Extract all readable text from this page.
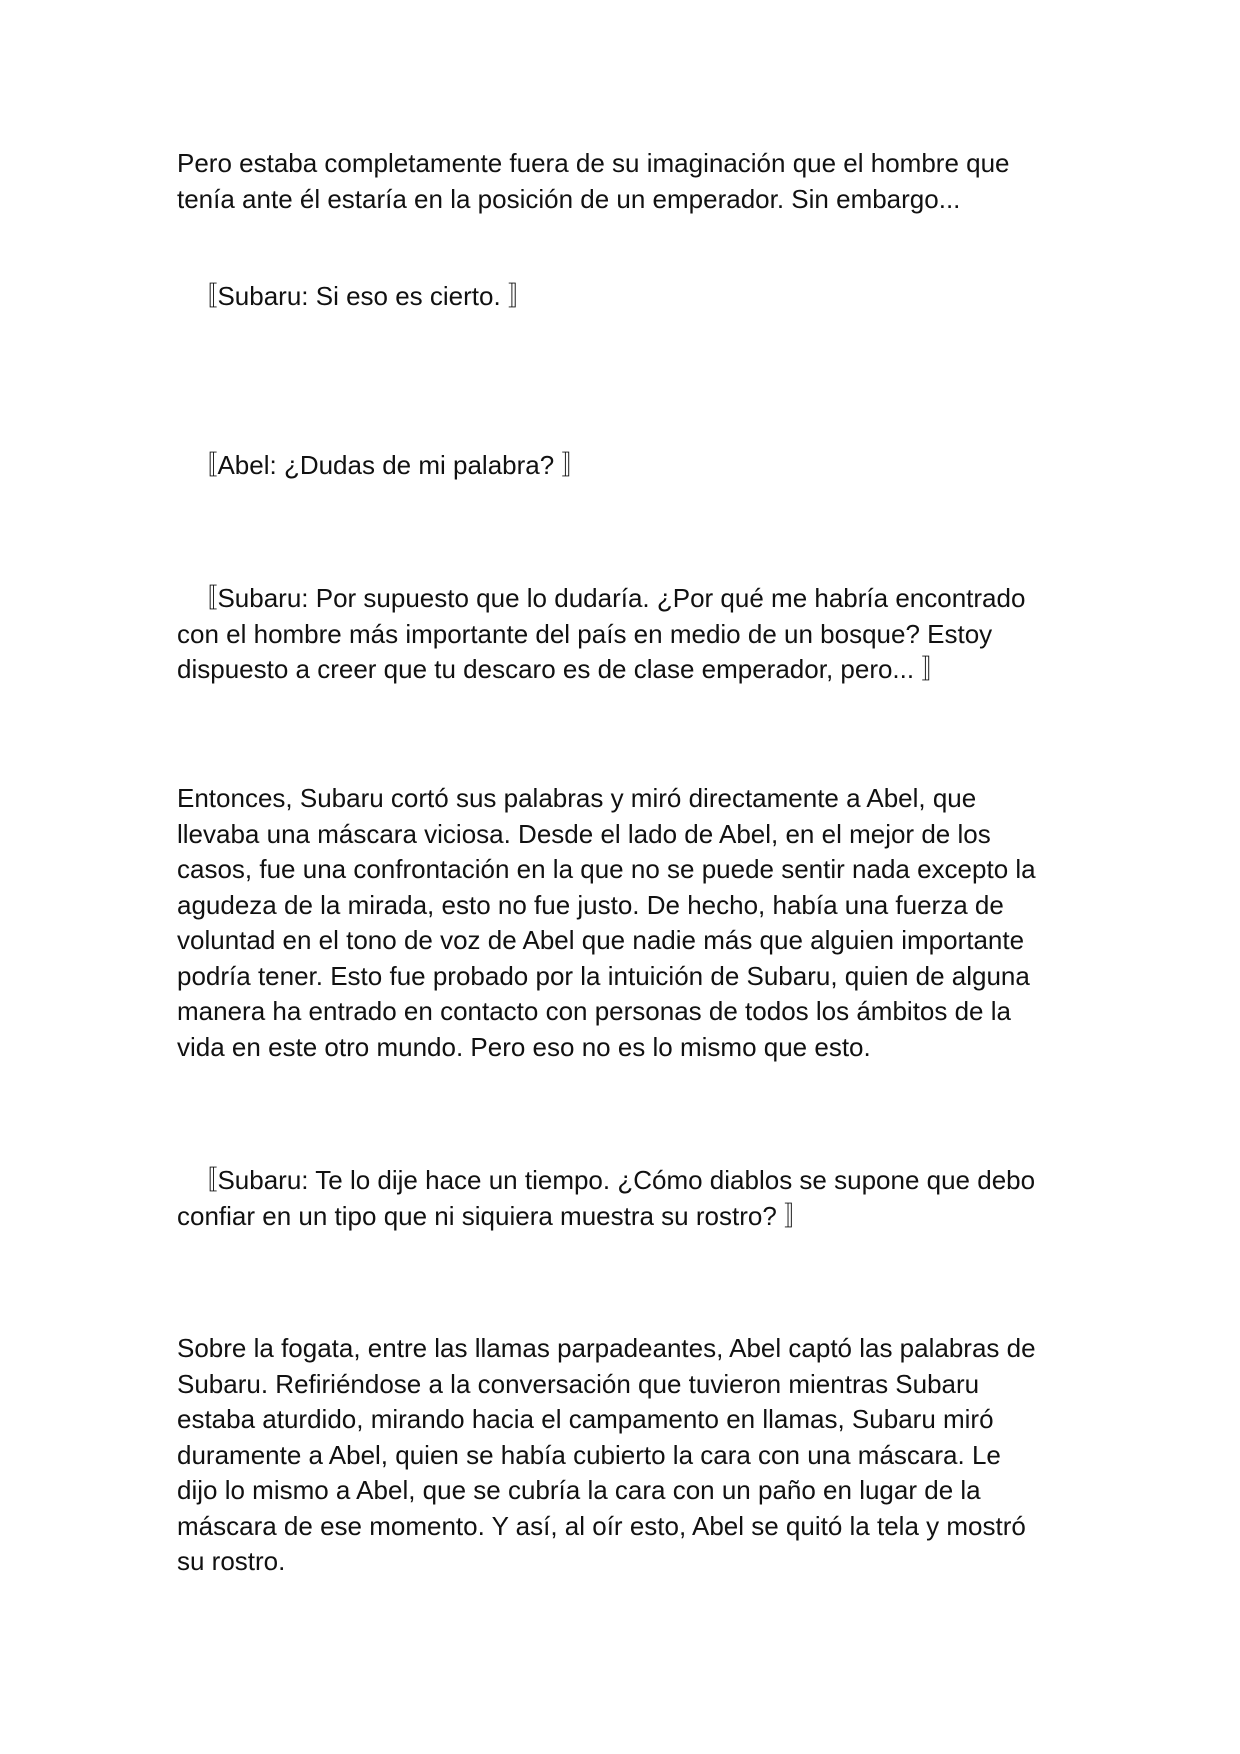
Pero estaba completamente fuera de su imaginación que el hombre que
tenía ante él estaría en la posición de un emperador. Sin embargo...

〚Subaru: Si eso es cierto. 〛

〚Abel: ¿Dudas de mi palabra? 〛

〚Subaru: Por supuesto que lo dudaría. ¿Por qué me habría encontrado
con el hombre más importante del país en medio de un bosque? Estoy
dispuesto a creer que tu descaro es de clase emperador, pero... 〛

Entonces, Subaru cortó sus palabras y miró directamente a Abel, que
llevaba una máscara viciosa. Desde el lado de Abel, en el mejor de los
casos, fue una confrontación en la que no se puede sentir nada excepto la
agudeza de la mirada, esto no fue justo. De hecho, había una fuerza de
voluntad en el tono de voz de Abel que nadie más que alguien importante
podría tener. Esto fue probado por la intuición de Subaru, quien de alguna
manera ha entrado en contacto con personas de todos los ámbitos de la
vida en este otro mundo. Pero eso no es lo mismo que esto.

〚Subaru: Te lo dije hace un tiempo. ¿Cómo diablos se supone que debo
confiar en un tipo que ni siquiera muestra su rostro? 〛

Sobre la fogata, entre las llamas parpadeantes, Abel captó las palabras de
Subaru. Refiriéndose a la conversación que tuvieron mientras Subaru
estaba aturdido, mirando hacia el campamento en llamas, Subaru miró
duramente a Abel, quien se había cubierto la cara con una máscara. Le
dijo lo mismo a Abel, que se cubría la cara con un paño en lugar de la
máscara de ese momento. Y así, al oír esto, Abel se quitó la tela y mostró
su rostro.
